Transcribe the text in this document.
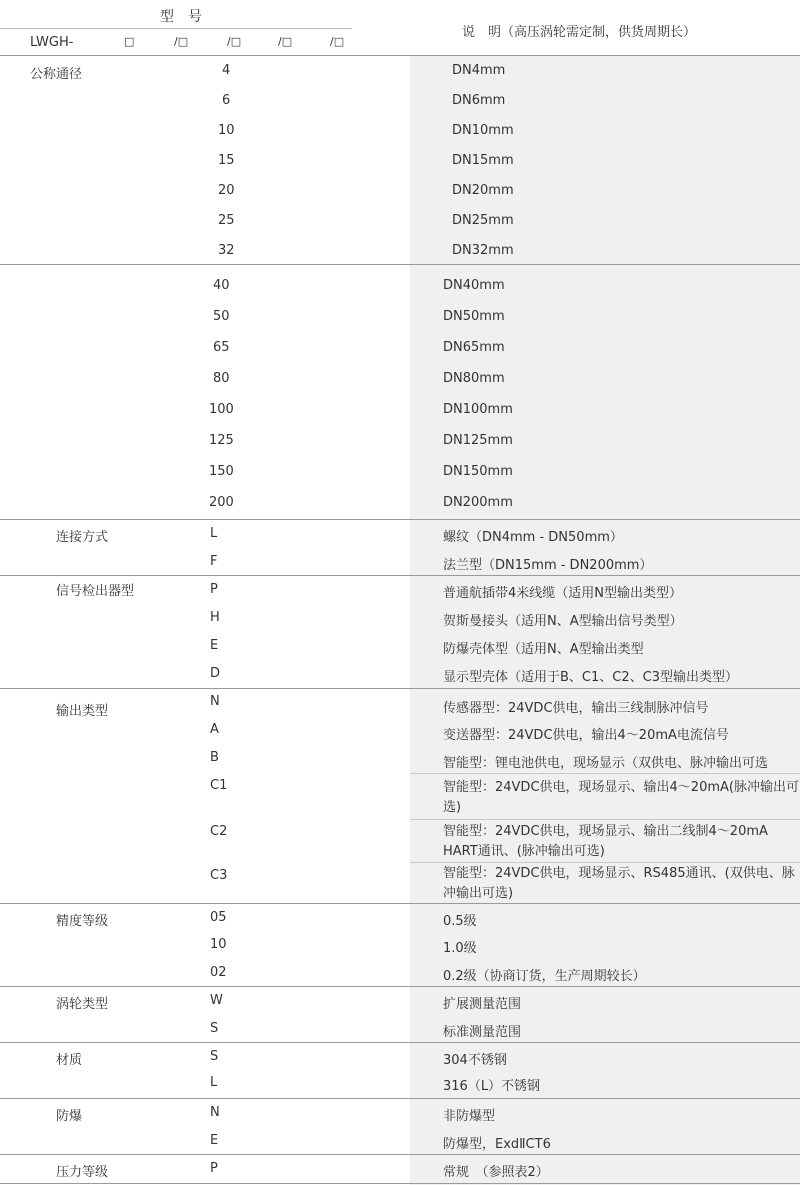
型　号
LWGH-	□	/□	/□	/□	/□
说　明（高压涡轮需定制，供货周期长）
公称通径	4	DN4mm
6	DN6mm
10	DN10mm
15	DN15mm
20	DN20mm
25	DN25mm
32	DN32mm
40	DN40mm
50	DN50mm
65	DN65mm
80	DN80mm
100	DN100mm
125	DN125mm
150	DN150mm
200	DN200mm
连接方式	L	螺纹（DN4mm - DN50mm）
F	法兰型（DN15mm - DN200mm）
信号检出器型	P	普通航插带4米线缆（适用N型输出类型）
H	贺斯曼接头（适用N、A型输出信号类型）
E	防爆壳体型（适用N、A型输出类型
D	显示型壳体（适用于B、C1、C2、C3型输出类型）
输出类型
N	传感器型：24VDC供电，输出三线制脉冲信号
A	变送器型：24VDC供电，输出4～20mA电流信号
B	智能型：锂电池供电，现场显示（双供电、脉冲输出可选
C1	智能型：24VDC供电，现场显示、输出4～20mA(脉冲输出可选)
C2	智能型：24VDC供电，现场显示、输出二线制4～20mA HART通讯、(脉冲输出可选)
C3	智能型：24VDC供电，现场显示、RS485通讯、(双供电、脉冲输出可选)
精度等级	05	0.5级
10	1.0级
02	0.2级（协商订货，生产周期较长）
涡轮类型	W	扩展测量范围
S	标准测量范围
材质	S	304不锈钢
L	316（L）不锈钢
防爆	N	非防爆型
E	防爆型，ExdⅡCT6
压力等级	P	常规　（参照表2）
